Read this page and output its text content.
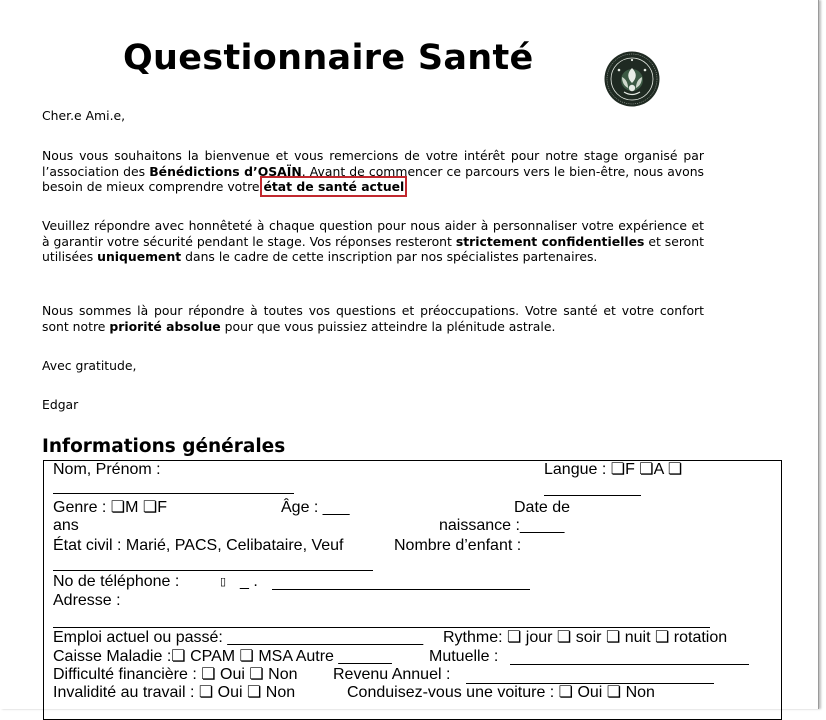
Questionnaire Santé

Cher.e Ami.e,

Nous vous souhaitons la bienvenue et vous remercions de votre intérêt pour notre stage organisé par l’association des Bénédictions d’OSAÏN. Avant de commencer ce parcours vers le bien-être, nous avons besoin de mieux comprendre votre état de santé actuel.

Veuillez répondre avec honnêteté à chaque question pour nous aider à personnaliser votre expérience et à garantir votre sécurité pendant le stage. Vos réponses resteront strictement confidentielles et seront utilisées uniquement dans le cadre de cette inscription par nos spécialistes partenaires.

Nous sommes là pour répondre à toutes vos questions et préoccupations. Votre santé et votre confort sont notre priorité absolue pour que vous puissiez atteindre la plénitude astrale.

Avec gratitude,

Edgar

Informations générales
Nom, Prénom :	Langue : ❏F ❏A ❏
Genre : ❏M ❏F	Âge : ___	Date de
ans	naissance :_____
État civil : Marié, PACS, Celibataire, Veuf	Nombre d’enfant :
No de téléphone :	▯ _ .
Adresse :
Emploi actuel ou passé: ______________________ Rythme: ❏ jour ❏ soir ❏ nuit ❏ rotation
Caisse Maladie :❏ CPAM ❏ MSA Autre ______ Mutuelle :
Difficulté financière : ❏ Oui ❏ Non Revenu Annuel :
Invalidité au travail : ❏ Oui ❏ Non	Conduisez-vous une voiture : ❏ Oui ❏ Non
